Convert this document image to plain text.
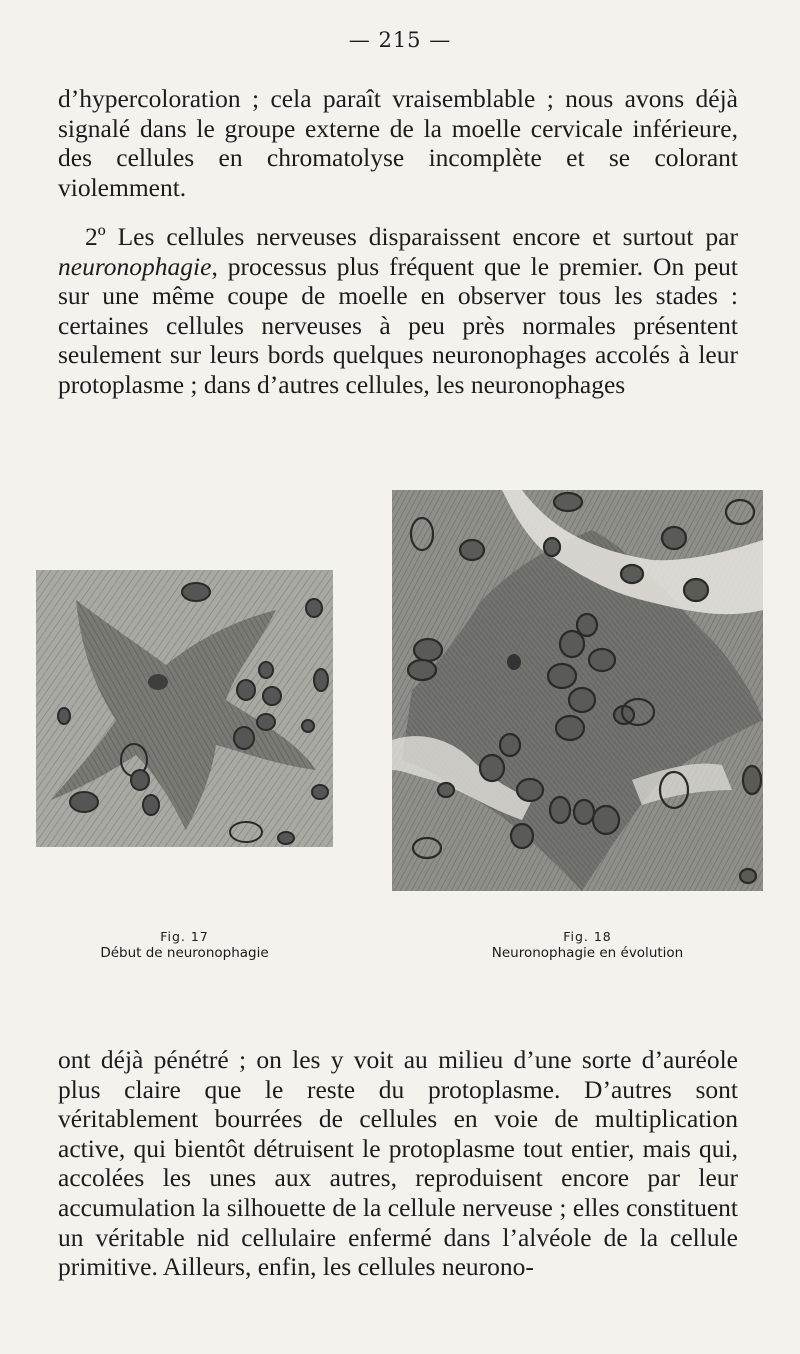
— 215 —

d’hypercoloration ; cela paraît vraisemblable ; nous avons déjà signalé dans le groupe externe de la moelle cervicale inférieure, des cellules en chromatolyse incomplète et se colorant violemment.

2º Les cellules nerveuses disparaissent encore et surtout par neuronophagie, processus plus fréquent que le premier. On peut sur une même coupe de moelle en observer tous les stades : certaines cellules nerveuses à peu près normales présentent seulement sur leurs bords quelques neuronophages accolés à leur protoplasme ; dans d’autres cellules, les neuronophages

Fig. 17
Début de neuronophagie
Fig. 18
Neuronophagie en évolution

ont déjà pénétré ; on les y voit au milieu d’une sorte d’auréole plus claire que le reste du protoplasme. D’autres sont véritablement bourrées de cellules en voie de multiplication active, qui bientôt détruisent le protoplasme tout entier, mais qui, accolées les unes aux autres, reproduisent encore par leur accumulation la silhouette de la cellule nerveuse ; elles constituent un véritable nid cellulaire enfermé dans l’alvéole de la cellule primitive. Ailleurs, enfin, les cellules neurono-
